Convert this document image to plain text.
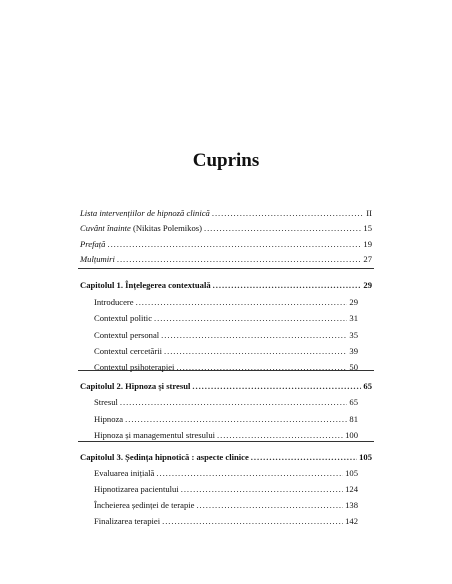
Cuprins
Lista intervențiilor de hipnoză clinică . . .	II
Cuvânt înainte (Nikitas Polemikos) . . .	15
Prefață . . .	19
Mulțumiri . . .	27
Capitolul 1. Înțelegerea contextuală . . .	29
Introducere . . .	29
Contextul politic . . .	31
Contextul personal . . .	35
Contextul cercetării . . .	39
Contextul psihoterapiei . . .	50
Capitolul 2. Hipnoza și stresul . . .	65
Stresul . . .	65
Hipnoza . . .	81
Hipnoza și managementul stresului . . .	100
Capitolul 3. Ședința hipnotică : aspecte clinice . . .	105
Evaluarea inițială . . .	105
Hipnotizarea pacientului . . .	124
Încheierea ședinței de terapie . . .	138
Finalizarea terapiei . . .	142
